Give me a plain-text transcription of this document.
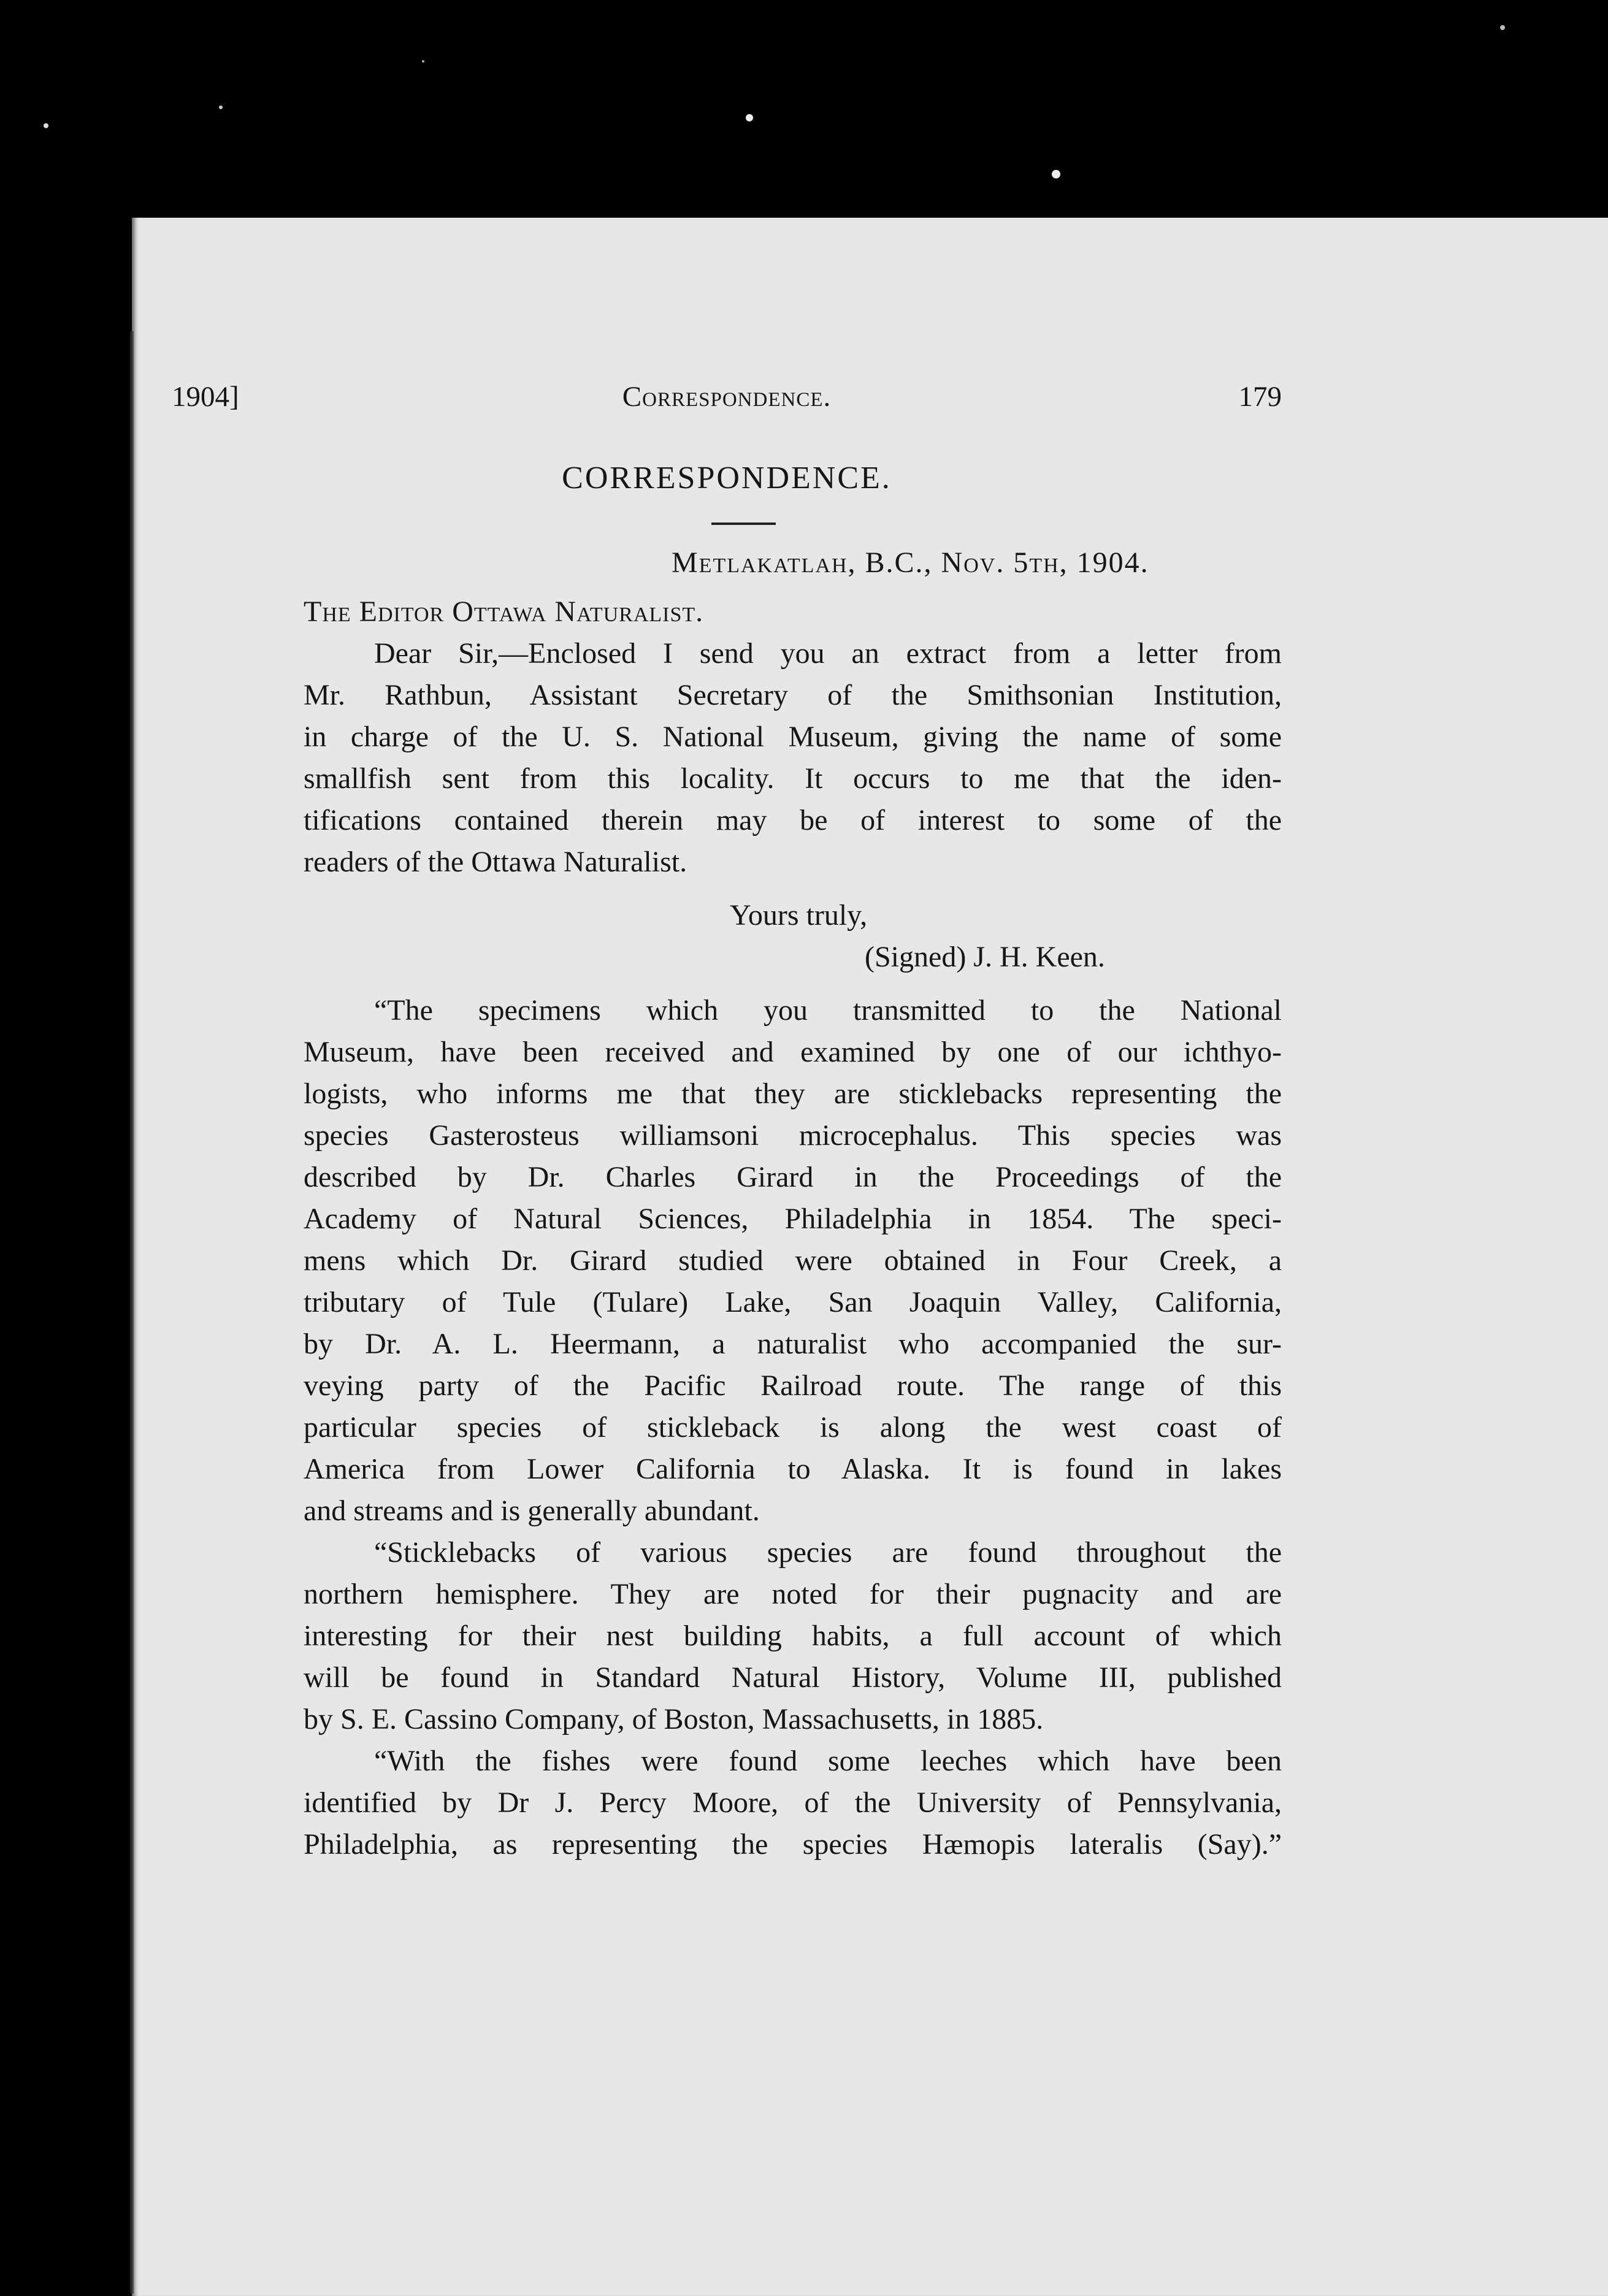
1904]	Correspondence.	179
CORRESPONDENCE.
Metlakatlah, B.C., Nov. 5th, 1904.
The Editor Ottawa Naturalist.
Dear Sir,—Enclosed I send you an extract from a letter from
Mr. Rathbun, Assistant Secretary of the Smithsonian Institution,
in charge of the U. S. National Museum, giving the name of some
smallfish sent from this locality. It occurs to me that the iden-
tifications contained therein may be of interest to some of the
readers of the Ottawa Naturalist.
Yours truly,
(Signed) J. H. Keen.
“The specimens which you transmitted to the National
Museum, have been received and examined by one of our ichthyo-
logists, who informs me that they are sticklebacks representing the
species Gasterosteus williamsoni microcephalus. This species was
described by Dr. Charles Girard in the Proceedings of the
Academy of Natural Sciences, Philadelphia in 1854. The speci-
mens which Dr. Girard studied were obtained in Four Creek, a
tributary of Tule (Tulare) Lake, San Joaquin Valley, California,
by Dr. A. L. Heermann, a naturalist who accompanied the sur-
veying party of the Pacific Railroad route. The range of this
particular species of stickleback is along the west coast of
America from Lower California to Alaska. It is found in lakes
and streams and is generally abundant.
“Sticklebacks of various species are found throughout the
northern hemisphere. They are noted for their pugnacity and are
interesting for their nest building habits, a full account of which
will be found in Standard Natural History, Volume III, published
by S. E. Cassino Company, of Boston, Massachusetts, in 1885.
“With the fishes were found some leeches which have been
identified by Dr J. Percy Moore, of the University of Pennsylvania,
Philadelphia, as representing the species Hæmopis lateralis (Say).”
